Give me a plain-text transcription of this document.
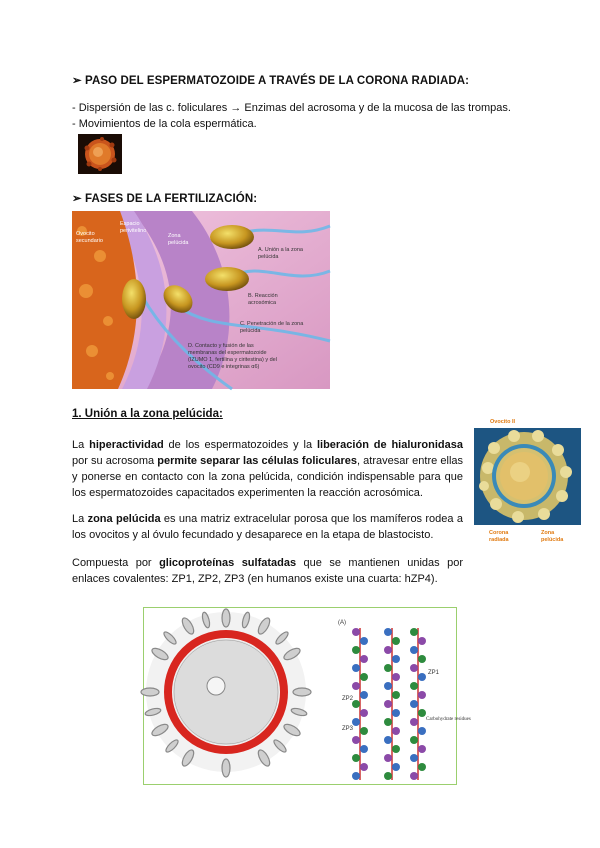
➢ PASO DEL ESPERMATOZOIDE A TRAVÉS DE LA CORONA RADIADA:
- Dispersión de las c. foliculares → Enzimas del acrosoma y de la mucosa de las trompas.
- Movimientos de la cola espermática.
➢ FASES DE LA FERTILIZACIÓN:
Ovocito secundario
Espacio perivitelino
Zona pelúcida
A. Unión a la zona pelúcida
B. Reacción acrosómica
C. Penetración de la zona pelúcida
D. Contacto y fusión de las membranas del espermatozoide (IZUMO 1, fertilina y ciritestina) y del ovocito (CD9 e integrinas α6)
1. Unión a la zona pelúcida:
La hiperactividad de los espermatozoides y la liberación de hialuronidasa por su acrosoma permite separar las células foliculares, atravesar entre ellas y ponerse en contacto con la zona pelúcida, condición indispensable para que los espermatozoides capacitados experimenten la reacción acrosómica.
La zona pelúcida es una matriz extracelular porosa que los mamíferos rodea a los ovocitos y al óvulo fecundado y desaparece en la etapa de blastocisto.
Compuesta por glicoproteínas sulfatadas que se mantienen unidas por enlaces covalentes: ZP1, ZP2, ZP3 (en humanos existe una cuarta: hZP4).
Ovocito II
Corona radiada
Zona pelúcida
(A)
ZP1
ZP2
ZP3
Carbohydrate residues
